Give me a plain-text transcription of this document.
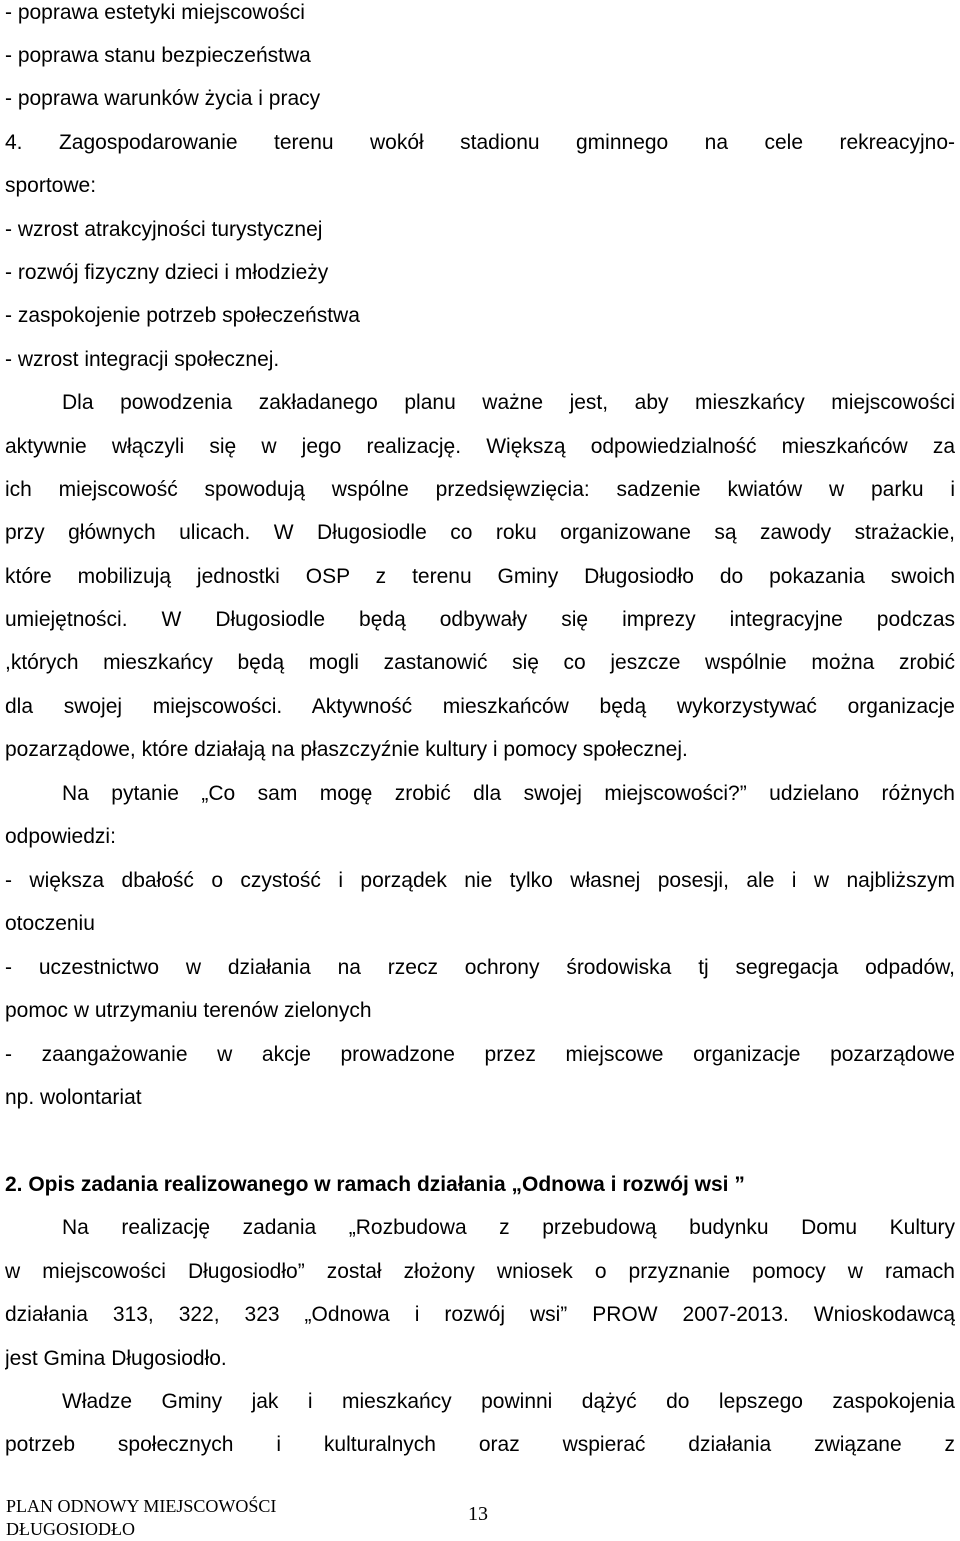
- poprawa estetyki miejscowości
- poprawa stanu bezpieczeństwa
- poprawa warunków życia i pracy
4. Zagospodarowanie terenu wokół stadionu gminnego na cele rekreacyjno-
sportowe:
- wzrost atrakcyjności turystycznej
- rozwój fizyczny dzieci i młodzieży
- zaspokojenie potrzeb społeczeństwa
- wzrost integracji społecznej.
Dla powodzenia zakładanego planu ważne jest, aby mieszkańcy miejscowości
aktywnie włączyli się w jego realizację. Większą odpowiedzialność mieszkańców za
ich miejscowość spowodują wspólne przedsięwzięcia: sadzenie kwiatów w parku i
przy głównych ulicach. W Długosiodle co roku organizowane są zawody strażackie,
które mobilizują jednostki OSP z terenu Gminy Długosiodło do pokazania swoich
umiejętności. W Długosiodle będą odbywały się imprezy integracyjne podczas
,których mieszkańcy będą mogli zastanowić się co jeszcze wspólnie można zrobić
dla swojej miejscowości. Aktywność mieszkańców będą wykorzystywać organizacje
pozarządowe, które działają na płaszczyźnie kultury i pomocy społecznej.
Na pytanie „Co sam mogę zrobić dla swojej miejscowości?” udzielano różnych
odpowiedzi:
- większa dbałość o czystość i porządek nie tylko własnej posesji, ale i w najbliższym
otoczeniu
- uczestnictwo w działania na rzecz ochrony środowiska tj segregacja odpadów,
pomoc w utrzymaniu terenów zielonych
- zaangażowanie w akcje prowadzone przez miejscowe organizacje pozarządowe
np. wolontariat
2. Opis zadania realizowanego w ramach działania „Odnowa i rozwój wsi ”
Na realizację zadania „Rozbudowa z przebudową budynku Domu Kultury
w miejscowości Długosiodło” został złożony wniosek o przyznanie pomocy w ramach
działania 313, 322, 323 „Odnowa i rozwój wsi” PROW 2007-2013. Wnioskodawcą
jest Gmina Długosiodło.
Władze Gminy jak i mieszkańcy powinni dążyć do lepszego zaspokojenia
potrzeb społecznych i kulturalnych oraz wspierać działania związane z
PLAN ODNOWY MIEJSCOWOŚCI
DŁUGOSIODŁO
13
